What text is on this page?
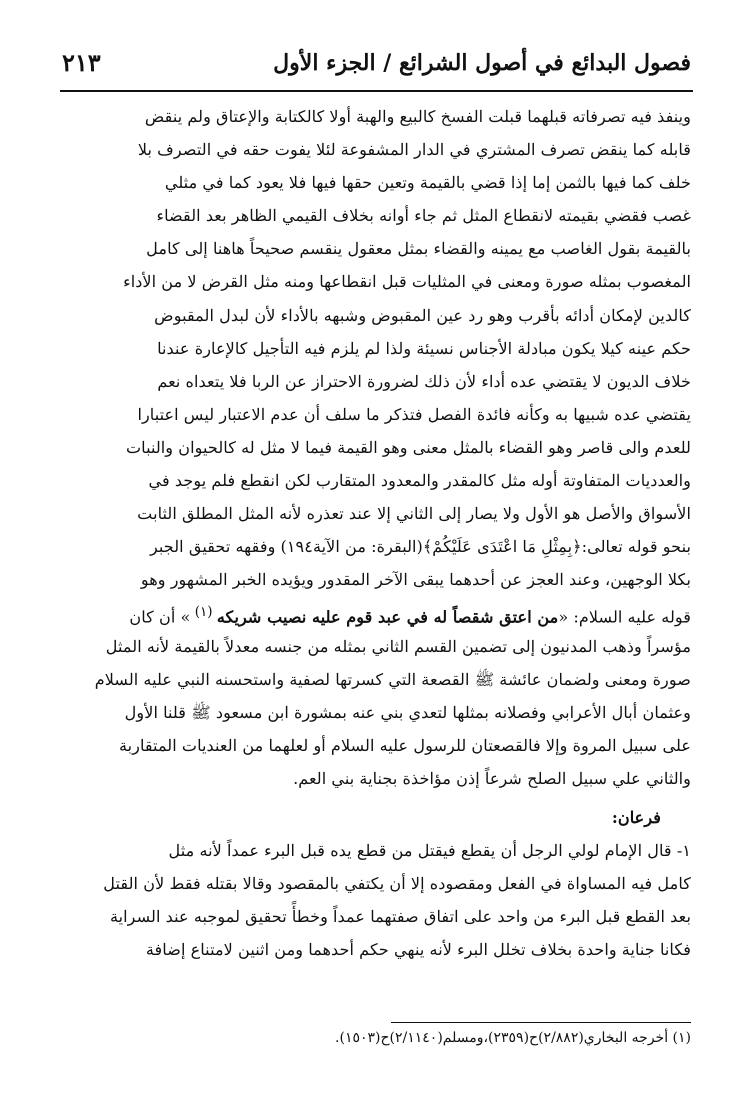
فصول البدائع في أصول الشرائع / الجزء الأول
٢١٣
وينفذ فيه تصرفاته قبلهما قبلت الفسخ كالبيع والهبة أولا كالكتابة والإعتاق ولم ينقض
قابله كما ينقض تصرف المشتري في الدار المشفوعة لئلا يفوت حقه في التصرف بلا
خلف كما فيها بالثمن إما إذا قضي بالقيمة وتعين حقها فيها فلا يعود كما في مثلي
غصب فقضي بقيمته لانقطاع المثل ثم جاء أوانه بخلاف القيمي الظاهر بعد القضاء
بالقيمة بقول الغاصب مع يمينه والقضاء بمثل معقول ينقسم صحيحاً هاهنا إلى كامل
المغصوب بمثله صورة ومعنى في المثليات قبل انقطاعها ومنه مثل القرض لا من الأداء
كالدين لإمكان أدائه بأقرب وهو رد عين المقبوض وشبهه بالأداء لأن لبدل المقبوض
حكم عينه كيلا يكون مبادلة الأجناس نسيئة ولذا لم يلزم فيه التأجيل كالإعارة عندنا
خلاف الديون لا يقتضي عده أداء لأن ذلك لضرورة الاحتراز عن الربا فلا يتعداه نعم
يقتضي عده شبيها به وكأنه فائدة الفصل فتذكر ما سلف أن عدم الاعتبار ليس اعتبارا
للعدم والى قاصر وهو القضاء بالمثل معنى وهو القيمة فيما لا مثل له كالحيوان والنبات
والعدديات المتفاوتة أوله مثل كالمقدر والمعدود المتقارب لكن انقطع فلم يوجد في
الأسواق والأصل هو الأول ولا يصار إلى الثاني إلا عند تعذره لأنه المثل المطلق الثابت
بنحو قوله تعالى:﴿بِمِثْلِ مَا اعْتَدَى عَلَيْكُمْ﴾(البقرة: من الآية١٩٤) وفقهه تحقيق الجبر
بكلا الوجهين، وعند العجز عن أحدهما يبقى الآخر المقدور ويؤيده الخبر المشهور وهو
قوله عليه السلام: «من اعتق شقصاً له في عبد قوم عليه نصيب شريكه $^{(١)}$ » أن كان
مؤسراً وذهب المدنيون إلى تضمين القسم الثاني بمثله من جنسه معدلاً بالقيمة لأنه المثل
صورة ومعنى ولضمان عائشة ﷺ القصعة التي كسرتها لصفية واستحسنه النبي عليه السلام
وعثمان أبال الأعرابي وفصلانه بمثلها لتعدي بني عنه بمشورة ابن مسعود ﷺ قلنا الأول
على سبيل المروة وإلا فالقصعتان للرسول عليه السلام أو لعلهما من العنديات المتقاربة
والثاني علي سبيل الصلح شرعاً إذن مؤاخذة بجناية بني العم.
فرعان:
١- قال الإمام لولي الرجل أن يقطع فيقتل من قطع يده قبل البرء عمداً لأنه مثل
كامل فيه المساواة في الفعل ومقصوده إلا أن يكتفي بالمقصود وقالا بقتله فقط لأن القتل
بعد القطع قبل البرء من واحد على اتفاق صفتهما عمداً وخطأً تحقيق لموجبه عند السراية
فكانا جناية واحدة بخلاف تخلل البرء لأنه ينهي حكم أحدهما ومن اثنين لامتناع إضافة
(١) أخرجه البخاري(٢/٨٨٢)ح(٢٣٥٩)،ومسلم(٢/١١٤٠)ح(١٥٠٣).
